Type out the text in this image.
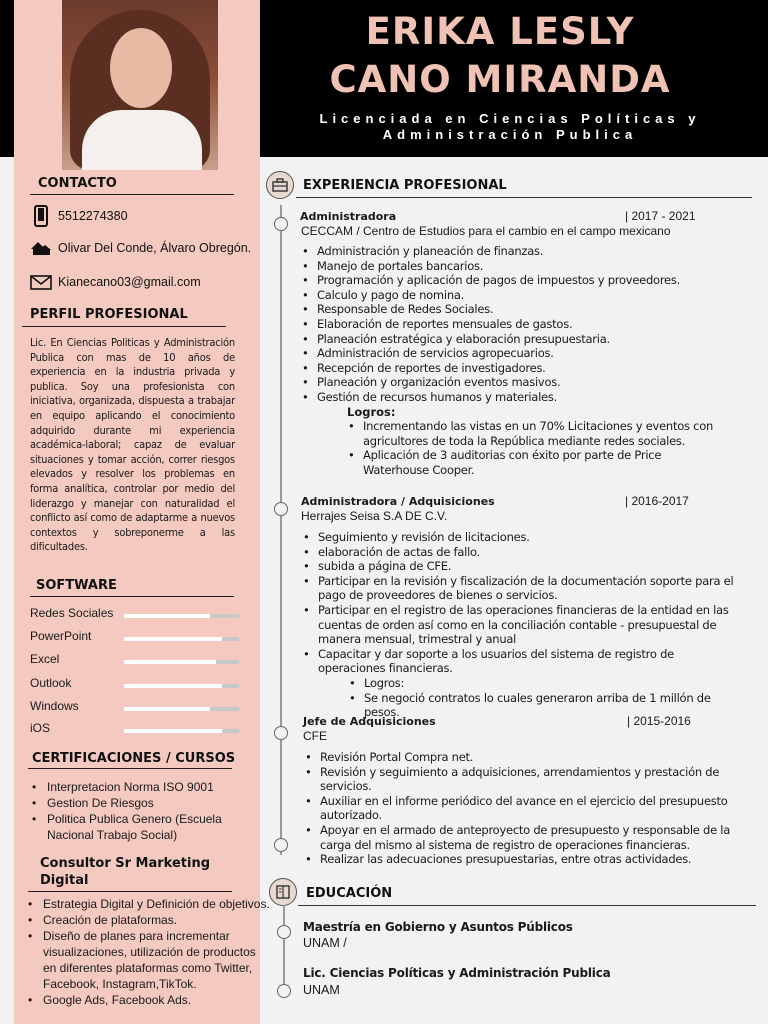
ERIKA LESLY
CANO MIRANDA
Licenciada en Ciencias Políticas y
Administración Publica
CONTACTO
5512274380
Olivar Del Conde, Álvaro Obregón.
Kianecano03@gmail.com
PERFIL PROFESIONAL
Lic. En Ciencias Politicas y Administración Publica con mas de 10 años de experiencia en la industria privada y publica. Soy una profesionista con iniciativa, organizada, dispuesta a trabajar en equipo aplicando el conocimiento adquirido durante mi experiencia académica-laboral; capaz de evaluar situaciones y tomar acción, correr riesgos elevados y resolver los problemas en forma analítica, controlar por medio del liderazgo y manejar con naturalidad el conflicto así como de adaptarme a nuevos contextos y sobreponerme a las dificultades.
SOFTWARE
Redes Sociales
PowerPoint
Excel
Outlook
Windows
iOS
CERTIFICACIONES / CURSOS
• Interpretacion Norma ISO 9001
• Gestion De Riesgos
• Politica Publica Genero (Escuela Nacional Trabajo Social)
Consultor Sr Marketing
Digital
• Estrategia Digital y Definición de objetivos.
• Creación de plataformas.
• Diseño de planes para incrementar visualizaciones, utilización de productos en diferentes plataformas como Twitter, Facebook, Instagram,TikTok.
• Google Ads, Facebook Ads.
EXPERIENCIA PROFESIONAL
Administradora	| 2017 - 2021
CECCAM / Centro de Estudios para el cambio en el campo mexicano
• Administración y planeación de finanzas.
• Manejo de portales bancarios.
• Programación y aplicación de pagos de impuestos y proveedores.
• Calculo y pago de nomina.
• Responsable de Redes Sociales.
• Elaboración de reportes mensuales de gastos.
• Planeación estratégica y elaboración presupuestaria.
• Administración de servicios agropecuarios.
• Recepción de reportes de investigadores.
• Planeación y organización eventos masivos.
• Gestión de recursos humanos y materiales.
Logros:
• Incrementando las vistas en un 70% Licitaciones y eventos con agricultores de toda la República mediante redes sociales.
• Aplicación de 3 auditorias con éxito por parte de Price Waterhouse Cooper.
Administradora / Adquisiciones	| 2016-2017
Herrajes Seisa S.A DE C.V.
• Seguimiento y revisión de licitaciones.
• elaboración de actas de fallo.
• subida a página de CFE.
• Participar en la revisión y fiscalización de la documentación soporte para el pago de proveedores de bienes o servicios.
• Participar en el registro de las operaciones financieras de la entidad en las cuentas de orden así como en la conciliación contable - presupuestal de manera mensual, trimestral y anual
• Capacitar y dar soporte a los usuarios del sistema de registro de operaciones financieras.
• Logros:
• Se negoció contratos lo cuales generaron arriba de 1 millón de pesos.
Jefe de Adquisiciones	| 2015-2016
CFE
• Revisión Portal Compra net.
• Revisión y seguimiento a adquisiciones, arrendamientos y prestación de servicios.
• Auxiliar en el informe periódico del avance en el ejercicio del presupuesto autorizado.
• Apoyar en el armado de anteproyecto de presupuesto y responsable de la carga del mismo al sistema de registro de operaciones financieras.
• Realizar las adecuaciones presupuestarias, entre otras actividades.
EDUCACIÓN
Maestría en Gobierno y Asuntos Públicos
UNAM /
Lic. Ciencias Políticas y Administración Publica
UNAM
